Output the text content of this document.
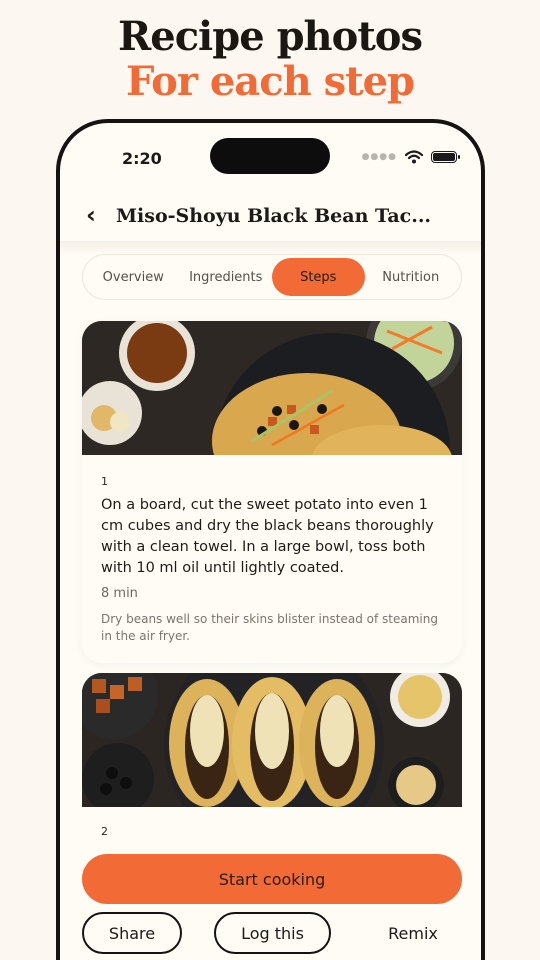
Recipe photos
For each step
2:20	●●●●
‹ Miso-Shoyu Black Bean Tac...
Overview	Ingredients	Steps	Nutrition
1
On a board, cut the sweet potato into even 1 cm cubes and dry the black beans thoroughly with a clean towel. In a large bowl, toss both with 10 ml oil until lightly coated.
8 min
Dry beans well so their skins blister instead of steaming in the air fryer.
2
Start cooking
Share	Log this	Remix
